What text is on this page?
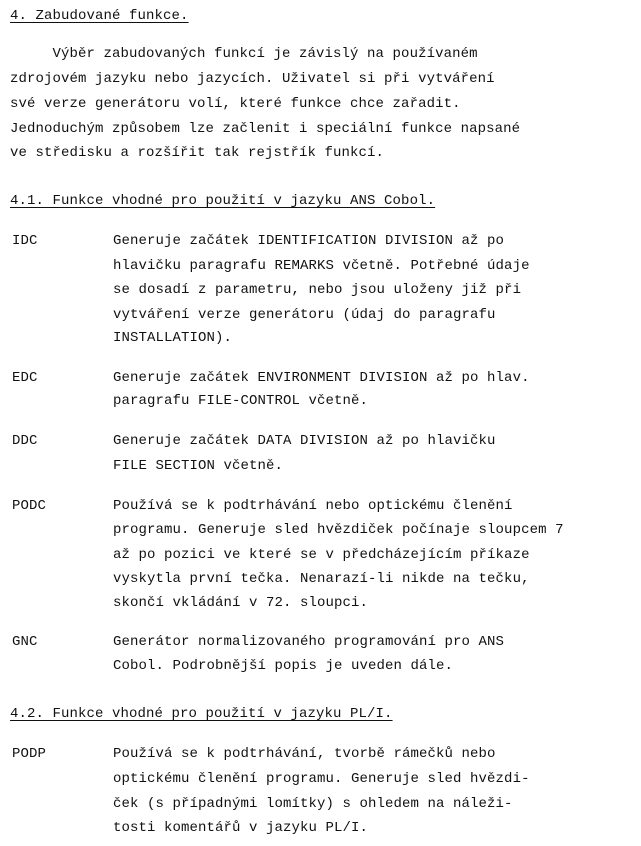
4. Zabudované funkce.
Výběr zabudovaných funkcí je závislý na používaném
zdrojovém jazyku nebo jazycích. Uživatel si při vytváření
své verze generátoru volí, které funkce chce zařadit.
Jednoduchým způsobem lze začlenit i speciální funkce napsané
ve středisku a rozšířit tak rejstřík funkcí.
4.1. Funkce vhodné pro použití v jazyku ANS Cobol.
IDC	Generuje začátek IDENTIFICATION DIVISION až po
hlavičku paragrafu REMARKS včetně. Potřebné údaje
se dosadí z parametru, nebo jsou uloženy již při
vytváření verze generátoru (údaj do paragrafu
INSTALLATION).
EDC	Generuje začátek ENVIRONMENT DIVISION až po hlav.
paragrafu FILE-CONTROL včetně.
DDC	Generuje začátek DATA DIVISION až po hlavičku
FILE SECTION včetně.
PODC	Používá se k podtrhávání nebo optickému členění
programu. Generuje sled hvězdiček počínaje sloupcem 7
až po pozici ve které se v předcházejícím příkaze
vyskytla první tečka. Nenarazí-li nikde na tečku,
skončí vkládání v 72. sloupci.
GNC	Generátor normalizovaného programování pro ANS
Cobol. Podrobnější popis je uveden dále.
4.2. Funkce vhodné pro použití v jazyku PL/I.
PODP	Používá se k podtrhávání, tvorbě rámečků nebo
optickému členění programu. Generuje sled hvězdi-
ček (s případnými lomítky) s ohledem na náleži-
tosti komentářů v jazyku PL/I.
